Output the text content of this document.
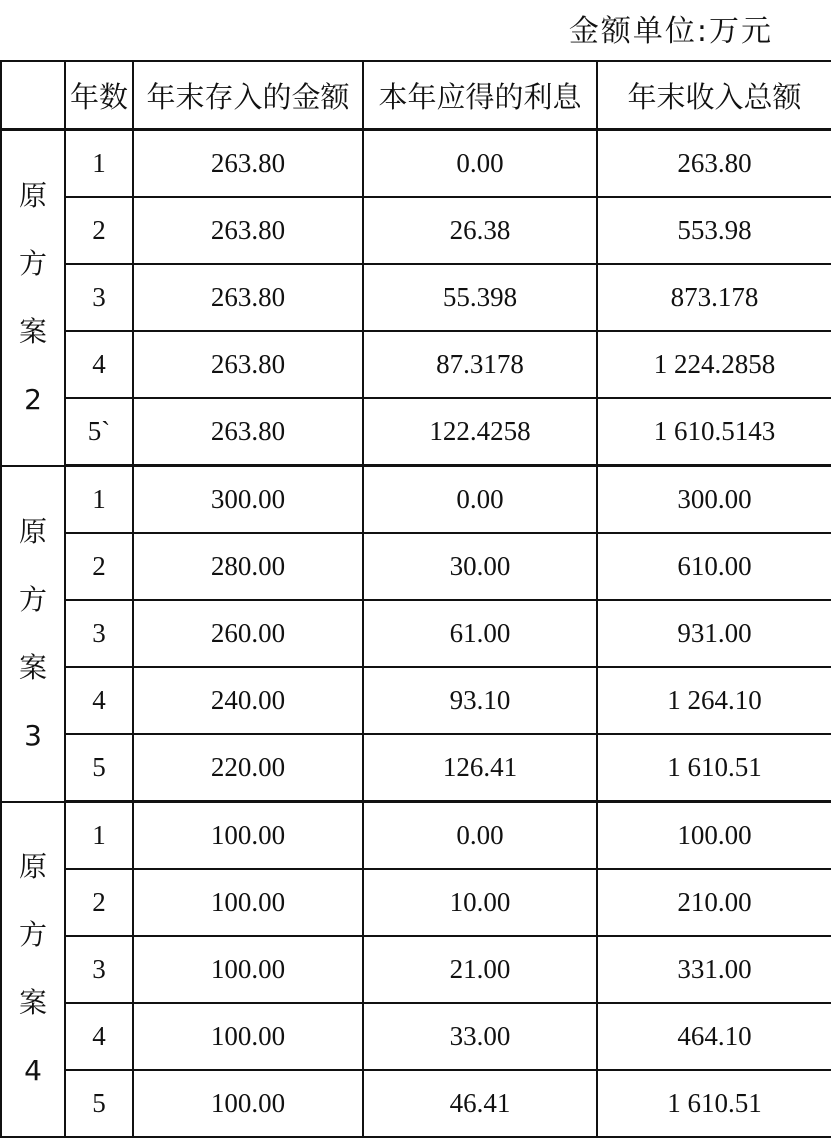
金额单位:万元
	年数	年末存入的金额	本年应得的利息	年末收入总额

原
方
案
2	1	263.80	0.00	263.80
	2	263.80	26.38	553.98
	3	263.80	55.398	873.178
	4	263.80	87.3178	1 224.2858
	5`	263.80	122.4258	1 610.5143

原
方
案
3	1	300.00	0.00	300.00
	2	280.00	30.00	610.00
	3	260.00	61.00	931.00
	4	240.00	93.10	1 264.10
	5	220.00	126.41	1 610.51

原
方
案
4	1	100.00	0.00	100.00
	2	100.00	10.00	210.00
	3	100.00	21.00	331.00
	4	100.00	33.00	464.10
	5	100.00	46.41	1 610.51
